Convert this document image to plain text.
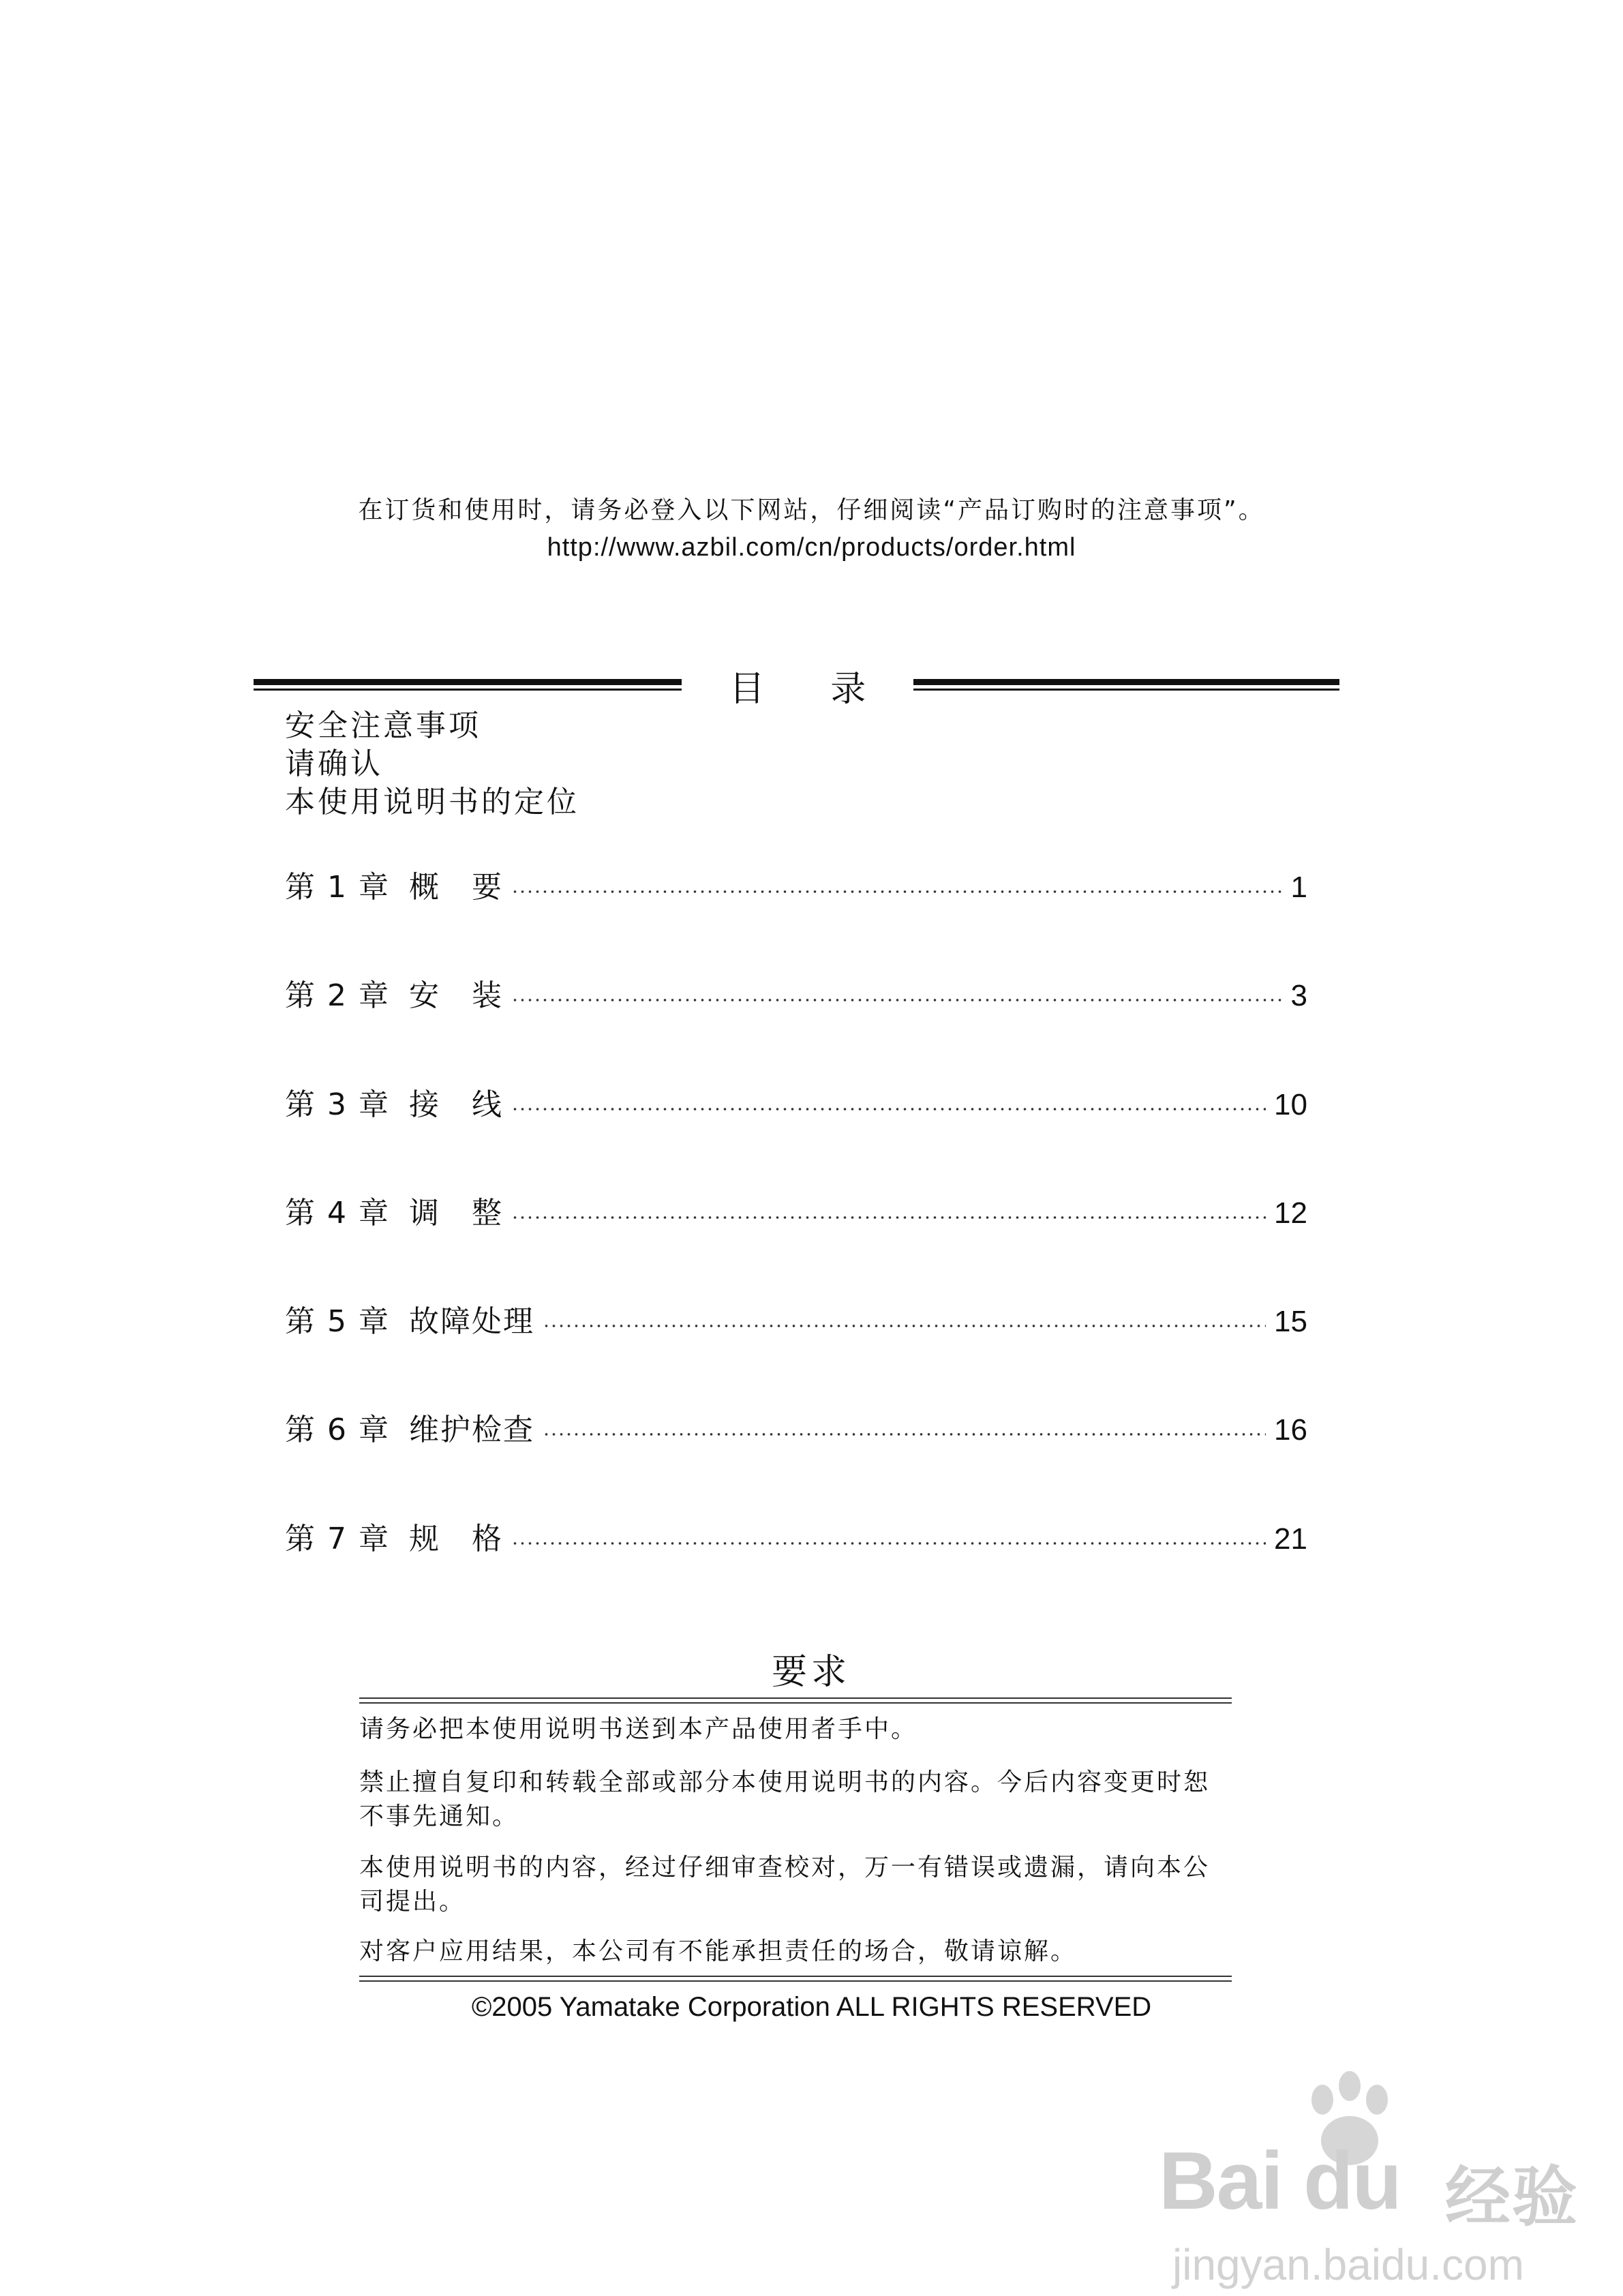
在订货和使用时，请务必登入以下网站，仔细阅读“产品订购时的注意事项”。
http://www.azbil.com/cn/products/order.html
目 录
安全注意事项
请确认
本使用说明书的定位
第 1 章 概　要	1
第 2 章 安　装	3
第 3 章 接　线	10
第 4 章 调　整	12
第 5 章 故障处理	15
第 6 章 维护检查	16
第 7 章 规　格	21
要求
请务必把本使用说明书送到本产品使用者手中。
禁止擅自复印和转载全部或部分本使用说明书的内容。今后内容变更时恕不事先通知。
本使用说明书的内容，经过仔细审查校对，万一有错误或遗漏，请向本公司提出。
对客户应用结果，本公司有不能承担责任的场合，敬请谅解。
©2005 Yamatake Corporation ALL RIGHTS RESERVED
Bai du 经验
jingyan.baidu.com
